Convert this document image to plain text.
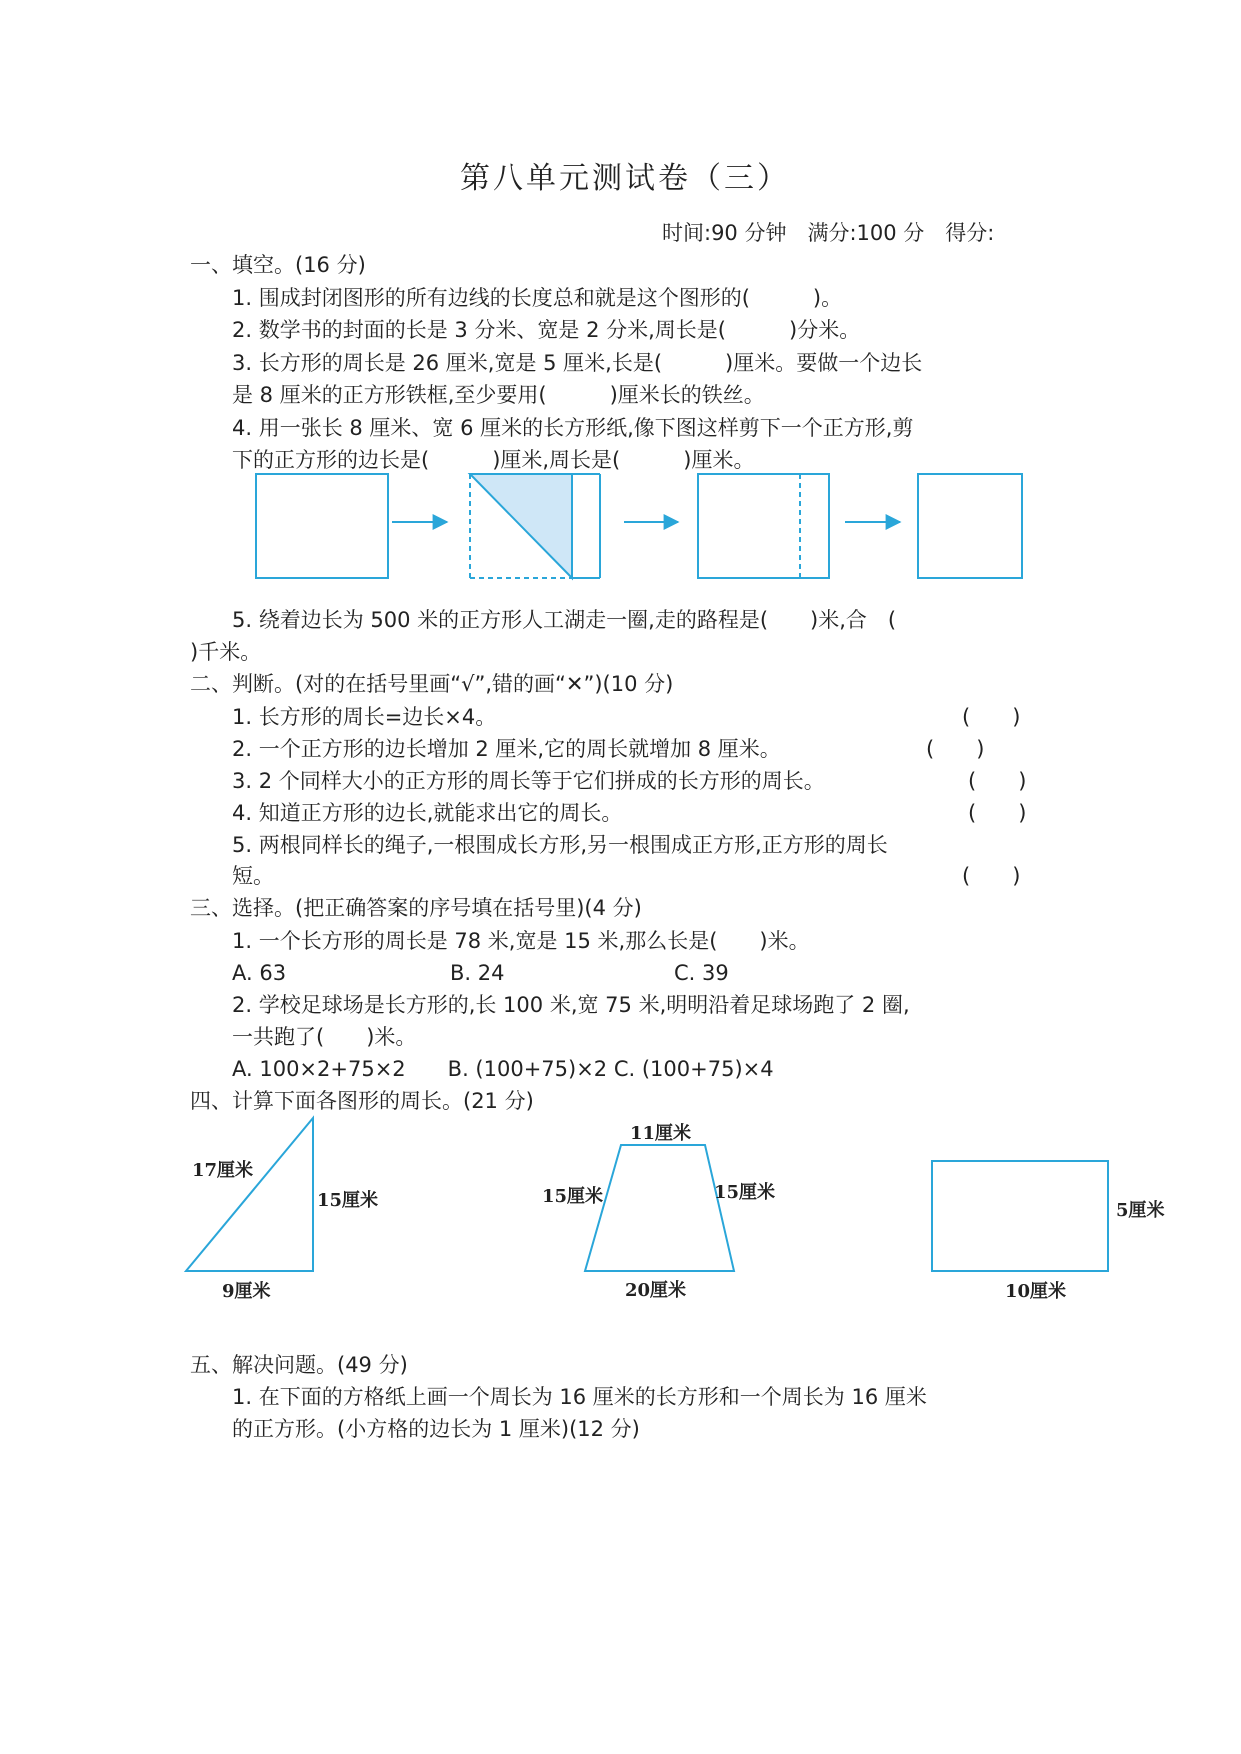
第八单元测试卷（三）
时间:90 分钟　满分:100 分　得分:
一、填空。(16 分)
1. 围成封闭图形的所有边线的长度总和就是这个图形的(　　　)。
2. 数学书的封面的长是 3 分米、宽是 2 分米,周长是(　　　)分米。
3. 长方形的周长是 26 厘米,宽是 5 厘米,长是(　　　)厘米。要做一个边长
是 8 厘米的正方形铁框,至少要用(　　　)厘米长的铁丝。
4. 用一张长 8 厘米、宽 6 厘米的长方形纸,像下图这样剪下一个正方形,剪
下的正方形的边长是(　　　)厘米,周长是(　　　)厘米。
5. 绕着边长为 500 米的正方形人工湖走一圈,走的路程是(　　)米,合　(
)千米。
二、判断。(对的在括号里画“√”,错的画“✕”)(10 分)
1. 长方形的周长=边长×4。	(　　)
2. 一个正方形的边长增加 2 厘米,它的周长就增加 8 厘米。	(　　)
3. 2 个同样大小的正方形的周长等于它们拼成的长方形的周长。	(　　)
4. 知道正方形的边长,就能求出它的周长。	(　　)
5. 两根同样长的绳子,一根围成长方形,另一根围成正方形,正方形的周长
短。	(　　)
三、选择。(把正确答案的序号填在括号里)(4 分)
1. 一个长方形的周长是 78 米,宽是 15 米,那么长是(　　)米。
A. 63	B. 24	C. 39
2. 学校足球场是长方形的,长 100 米,宽 75 米,明明沿着足球场跑了 2 圈,
一共跑了(　　)米。
A. 100×2+75×2　　B. (100+75)×2 C. (100+75)×4
四、计算下面各图形的周长。(21 分)
17厘米
15厘米
9厘米
11厘米
15厘米	15厘米
20厘米
5厘米
10厘米
五、解决问题。(49 分)
1. 在下面的方格纸上画一个周长为 16 厘米的长方形和一个周长为 16 厘米
的正方形。(小方格的边长为 1 厘米)(12 分)
